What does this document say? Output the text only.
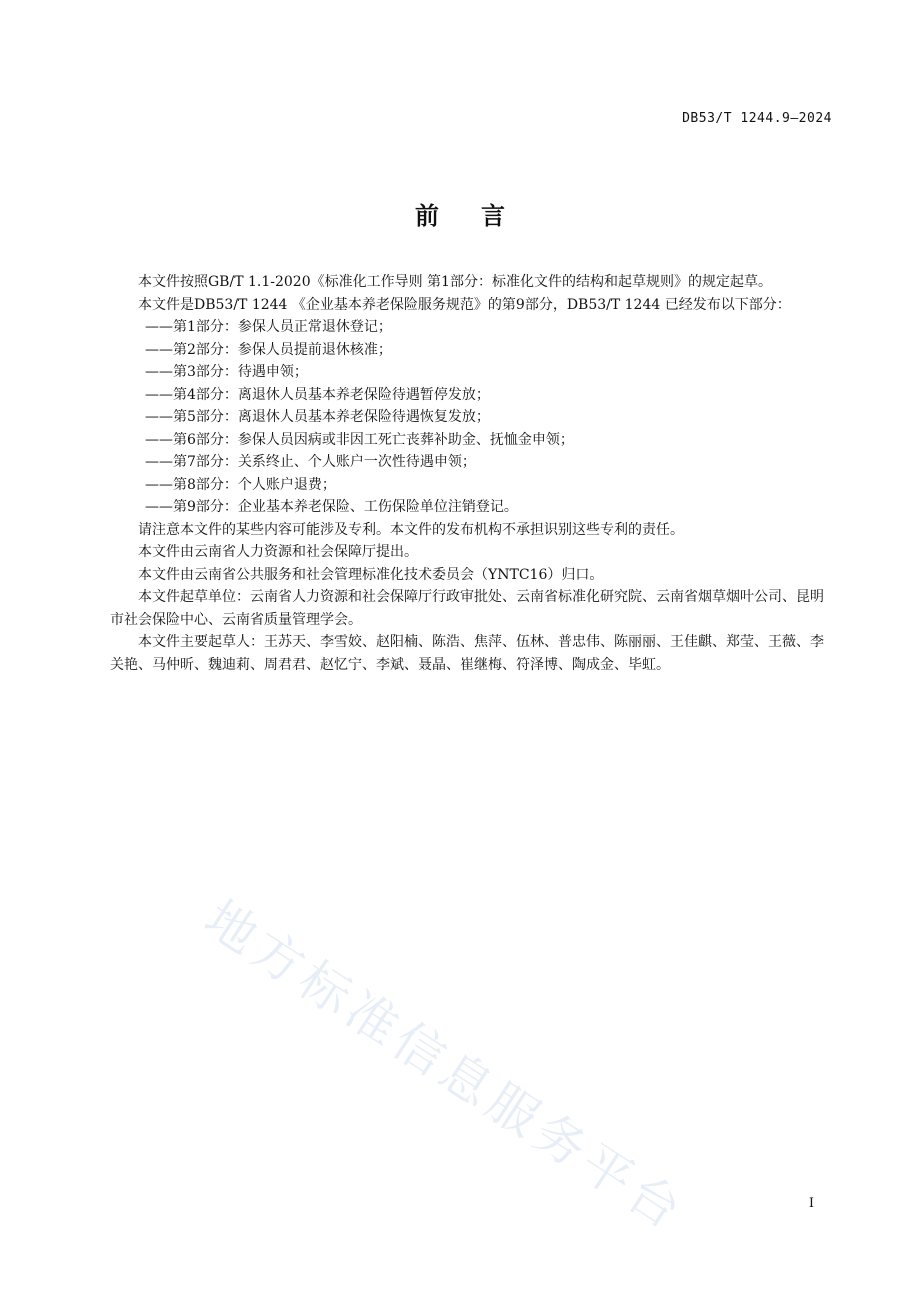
DB53/T 1244.9—2024
前言

本文件按照GB/T 1.1-2020《标准化工作导则 第1部分：标准化文件的结构和起草规则》的规定起草。

本文件是DB53/T 1244 《企业基本养老保险服务规范》的第9部分，DB53/T 1244 已经发布以下部分：

——第1部分：参保人员正常退休登记；
——第2部分：参保人员提前退休核准；
——第3部分：待遇申领；
——第4部分：离退休人员基本养老保险待遇暂停发放；
——第5部分：离退休人员基本养老保险待遇恢复发放；
——第6部分：参保人员因病或非因工死亡丧葬补助金、抚恤金申领；
——第7部分：关系终止、个人账户一次性待遇申领；
——第8部分：个人账户退费；
——第9部分：企业基本养老保险、工伤保险单位注销登记。

请注意本文件的某些内容可能涉及专利。本文件的发布机构不承担识别这些专利的责任。

本文件由云南省人力资源和社会保障厅提出。

本文件由云南省公共服务和社会管理标准化技术委员会（YNTC16）归口。

本文件起草单位：云南省人力资源和社会保障厅行政审批处、云南省标准化研究院、云南省烟草烟叶公司、昆明市社会保险中心、云南省质量管理学会。

本文件主要起草人：王苏天、李雪姣、赵阳楠、陈浩、焦萍、伍林、普忠伟、陈丽丽、王佳麒、郑莹、王薇、李关艳、马仲昕、魏迪莉、周君君、赵忆宁、李斌、聂晶、崔继梅、符泽博、陶成金、毕虹。

地方标准信息服务平台	I
